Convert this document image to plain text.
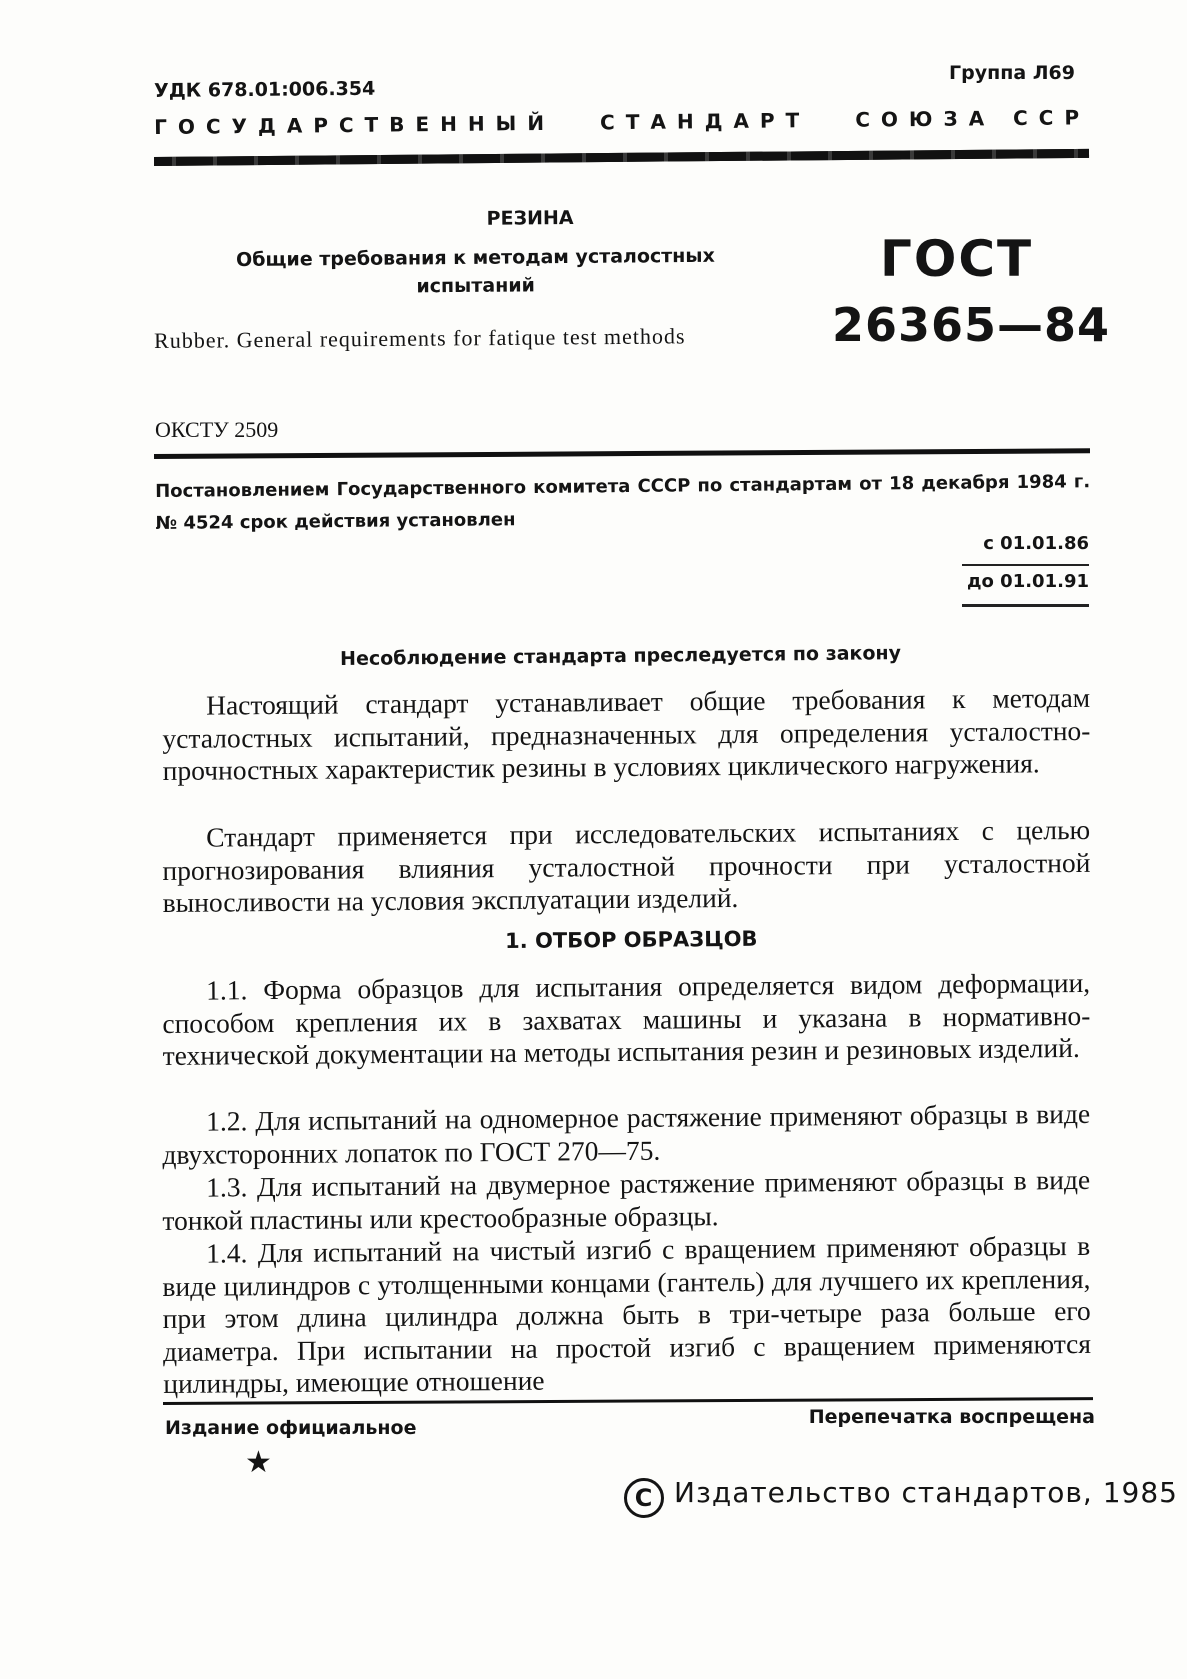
УДК 678.01:006.354
Группа Л69
ГОСУДАРСТВЕННЫЙ СТАНДАРТ СОЮЗА ССР
РЕЗИНА
Общие требования к методам усталостных испытаний
Rubber. General requirements for fatique test methods
ГОСТ
26365—84
ОКСТУ 2509
Постановлением Государственного комитета СССР по стандартам от 18 декабря 1984 г. № 4524 срок действия установлен
с 01.01.86
до 01.01.91
Несоблюдение стандарта преследуется по закону
Настоящий стандарт устанавливает общие требования к методам усталостных испытаний, предназначенных для определения усталостно-прочностных характеристик резины в условиях циклического нагружения.
Стандарт применяется при исследовательских испытаниях с целью прогнозирования влияния усталостной прочности при усталостной выносливости на условия эксплуатации изделий.
1. ОТБОР ОБРАЗЦОВ
1.1. Форма образцов для испытания определяется видом деформации, способом крепления их в захватах машины и указана в нормативно-технической документации на методы испытания резин и резиновых изделий.
1.2. Для испытаний на одномерное растяжение применяют образцы в виде двухсторонних лопаток по ГОСТ 270—75.
1.3. Для испытаний на двумерное растяжение применяют образцы в виде тонкой пластины или крестообразные образцы.
1.4. Для испытаний на чистый изгиб с вращением применяют образцы в виде цилиндров с утолщенными концами (гантель) для лучшего их крепления, при этом длина цилиндра должна быть в три-четыре раза больше его диаметра. При испытании на простой изгиб с вращением применяются цилиндры, имеющие отношение
Издание официальное	Перепечатка воспрещена
★
C Издательство стандартов, 1985
